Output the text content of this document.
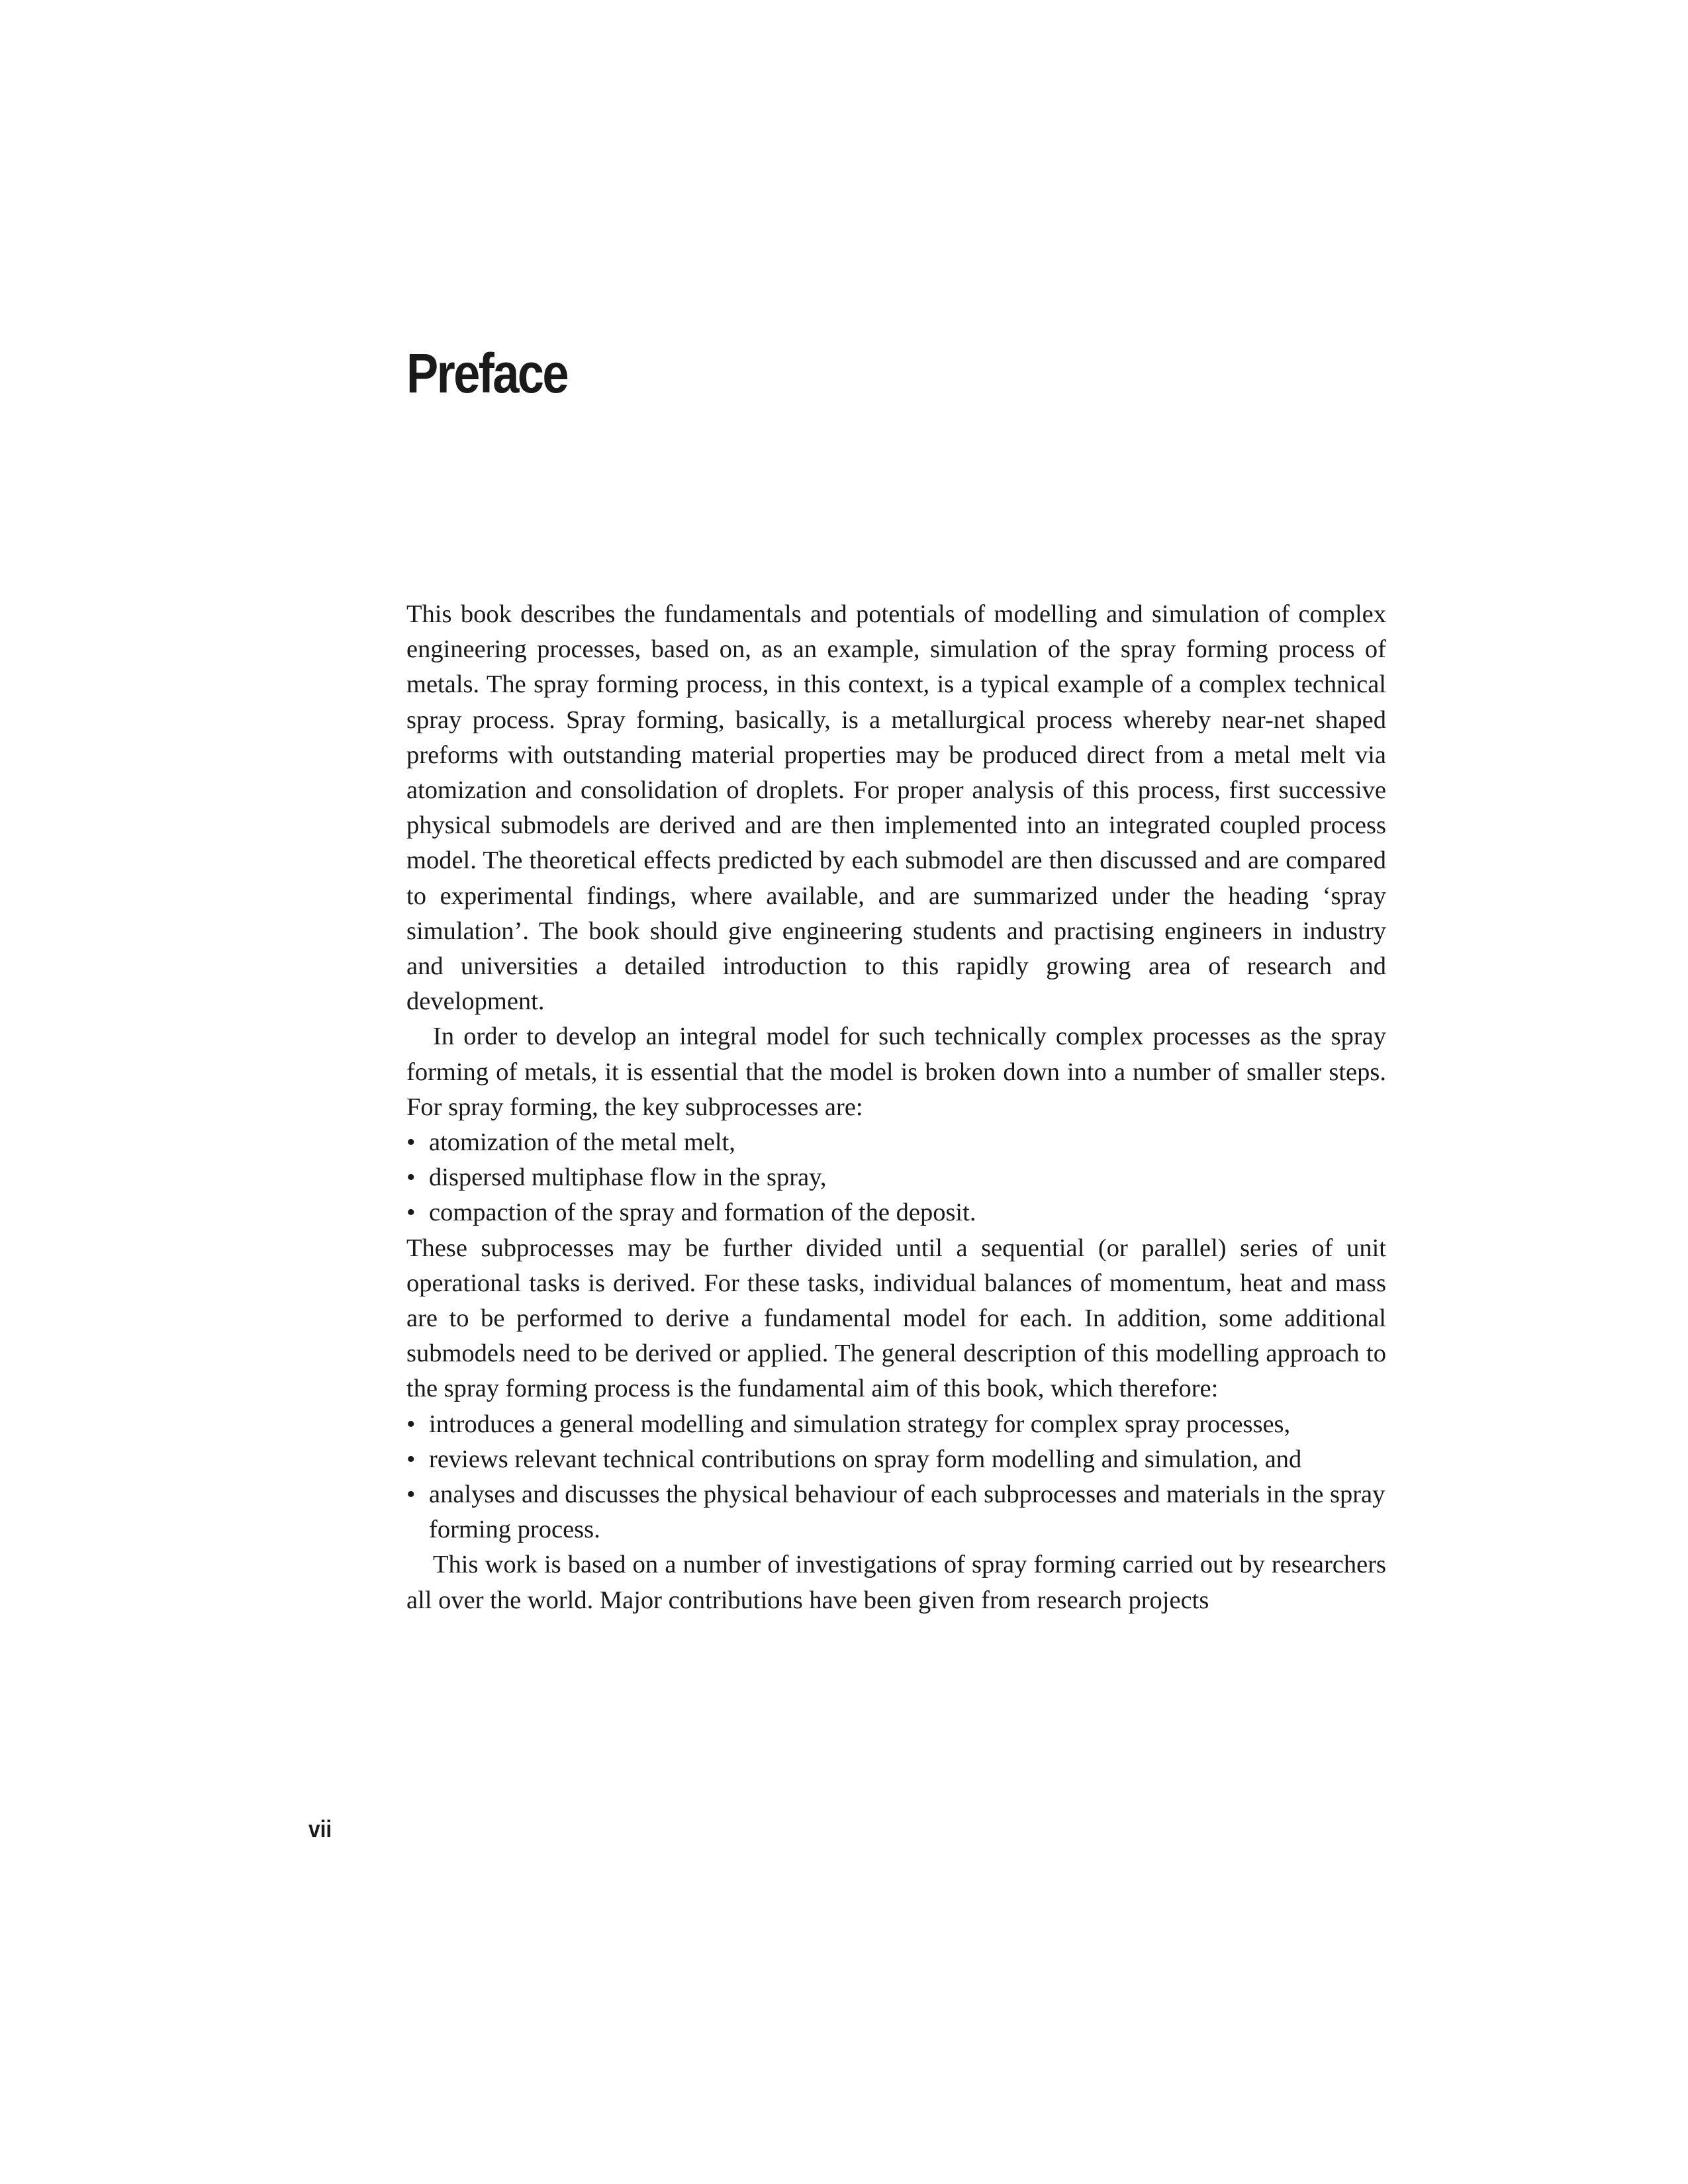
Preface

This book describes the fundamentals and potentials of modelling and simulation of complex engineering processes, based on, as an example, simulation of the spray forming process of metals. The spray forming process, in this context, is a typical example of a complex technical spray process. Spray forming, basically, is a metallurgical process whereby near-net shaped preforms with outstanding material properties may be produced direct from a metal melt via atomization and consolidation of droplets. For proper analysis of this process, first successive physical submodels are derived and are then implemented into an integrated coupled process model. The theoretical effects predicted by each submodel are then discussed and are compared to experimental findings, where available, and are summarized under the heading ‘spray simulation’. The book should give engineering students and practising engineers in industry and universities a detailed introduction to this rapidly growing area of research and development.

In order to develop an integral model for such technically complex processes as the spray forming of metals, it is essential that the model is broken down into a number of smaller steps. For spray forming, the key subprocesses are:

• atomization of the metal melt,
• dispersed multiphase flow in the spray,
• compaction of the spray and formation of the deposit.

These subprocesses may be further divided until a sequential (or parallel) series of unit operational tasks is derived. For these tasks, individual balances of momentum, heat and mass are to be performed to derive a fundamental model for each. In addition, some additional submodels need to be derived or applied. The general description of this modelling approach to the spray forming process is the fundamental aim of this book, which therefore:

• introduces a general modelling and simulation strategy for complex spray processes,
• reviews relevant technical contributions on spray form modelling and simulation, and
• analyses and discusses the physical behaviour of each subprocesses and materials in the spray forming process.

This work is based on a number of investigations of spray forming carried out by researchers all over the world. Major contributions have been given from research projects

vii
